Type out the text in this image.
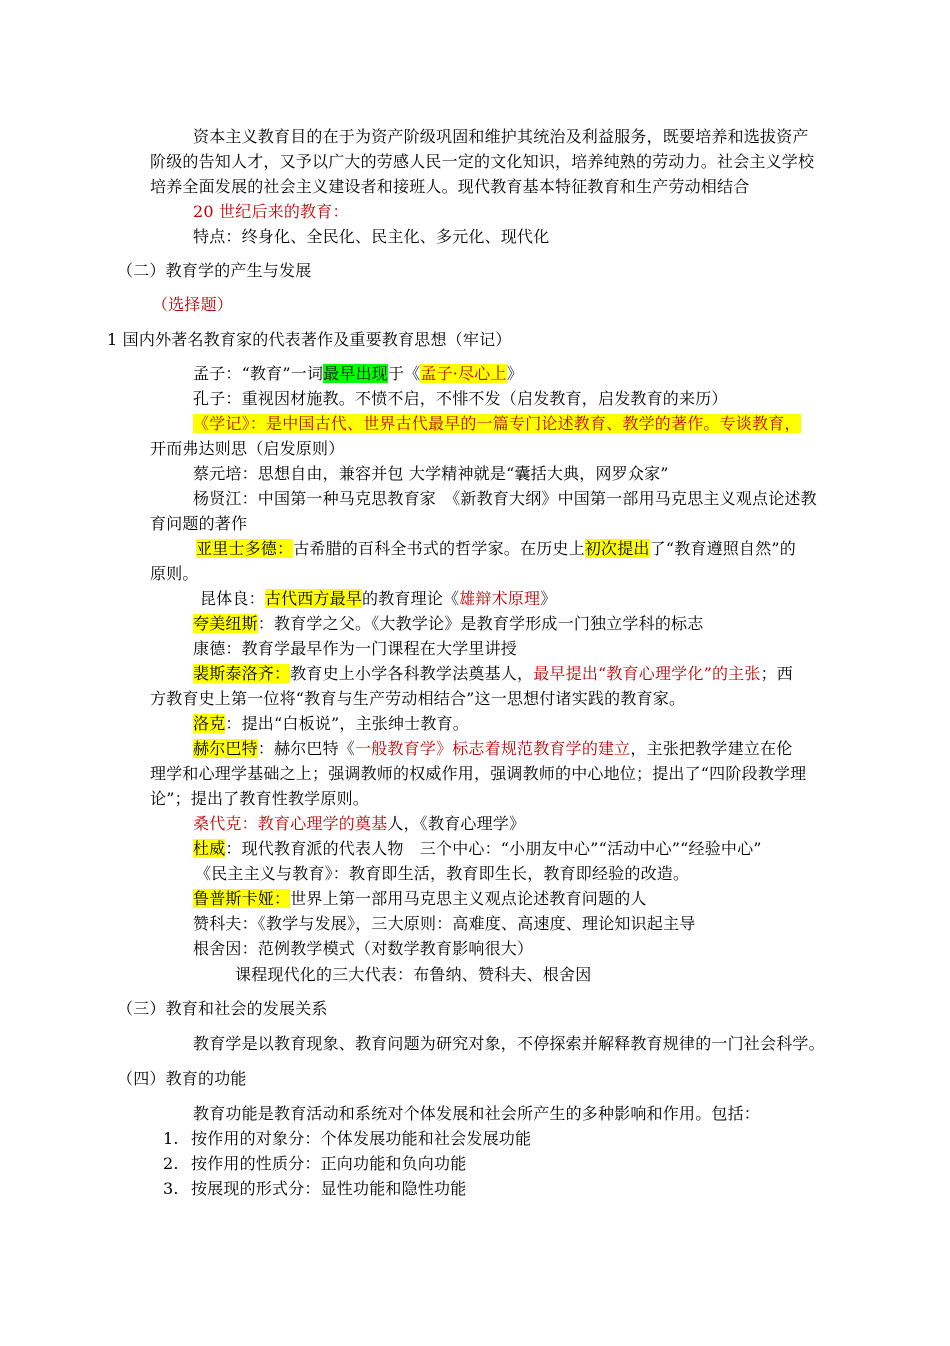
资本主义教育目的在于为资产阶级巩固和维护其统治及利益服务，既要培养和选拔资产
阶级的告知人才，又予以广大的劳感人民一定的文化知识，培养纯熟的劳动力。社会主义学校
培养全面发展的社会主义建设者和接班人。现代教育基本特征教育和生产劳动相结合
20 世纪后来的教育：
特点：终身化、全民化、民主化、多元化、现代化
（二）教育学的产生与发展
（选择题）
1 国内外著名教育家的代表著作及重要教育思想（牢记）
孟子：“教育”一词最早出现于《孟子·尽心上》
孔子：重视因材施教。不愤不启，不悱不发（启发教育，启发教育的来历）
《学记》：是中国古代、世界古代最早的一篇专门论述教育、教学的著作。专谈教育，
开而弗达则思（启发原则）
蔡元培：思想自由，兼容并包 大学精神就是“囊括大典，网罗众家”
杨贤江：中国第一种马克思教育家　《新教育大纲》中国第一部用马克思主义观点论述教
育问题的著作
亚里士多德：古希腊的百科全书式的哲学家。在历史上初次提出了“教育遵照自然”的
原则。
昆体良：古代西方最早的教育理论《雄辩术原理》
夸美纽斯：教育学之父。《大教学论》是教育学形成一门独立学科的标志
康德：教育学最早作为一门课程在大学里讲授
裴斯泰洛齐：教育史上小学各科教学法奠基人，最早提出“教育心理学化”的主张；西
方教育史上第一位将“教育与生产劳动相结合”这一思想付诸实践的教育家。
洛克：提出“白板说”，主张绅士教育。
赫尔巴特：赫尔巴特《一般教育学》标志着规范教育学的建立，主张把教学建立在伦
理学和心理学基础之上；强调教师的权威作用，强调教师的中心地位；提出了“四阶段教学理
论”；提出了教育性教学原则。
桑代克：教育心理学的奠基人，《教育心理学》
杜威：现代教育派的代表人物　三个中心：“小朋友中心”“活动中心”“经验中心”
《民主主义与教育》：教育即生活，教育即生长，教育即经验的改造。
鲁普斯卡娅：世界上第一部用马克思主义观点论述教育问题的人
赞科夫：《教学与发展》，三大原则：高难度、高速度、理论知识起主导
根舍因：范例教学模式（对数学教育影响很大）
课程现代化的三大代表：布鲁纳、赞科夫、根舍因
（三）教育和社会的发展关系
教育学是以教育现象、教育问题为研究对象，不停探索并解释教育规律的一门社会科学。
（四）教育的功能
教育功能是教育活动和系统对个体发展和社会所产生的多种影响和作用。包括：
1. 按作用的对象分：个体发展功能和社会发展功能
2. 按作用的性质分：正向功能和负向功能
3. 按展现的形式分：显性功能和隐性功能
